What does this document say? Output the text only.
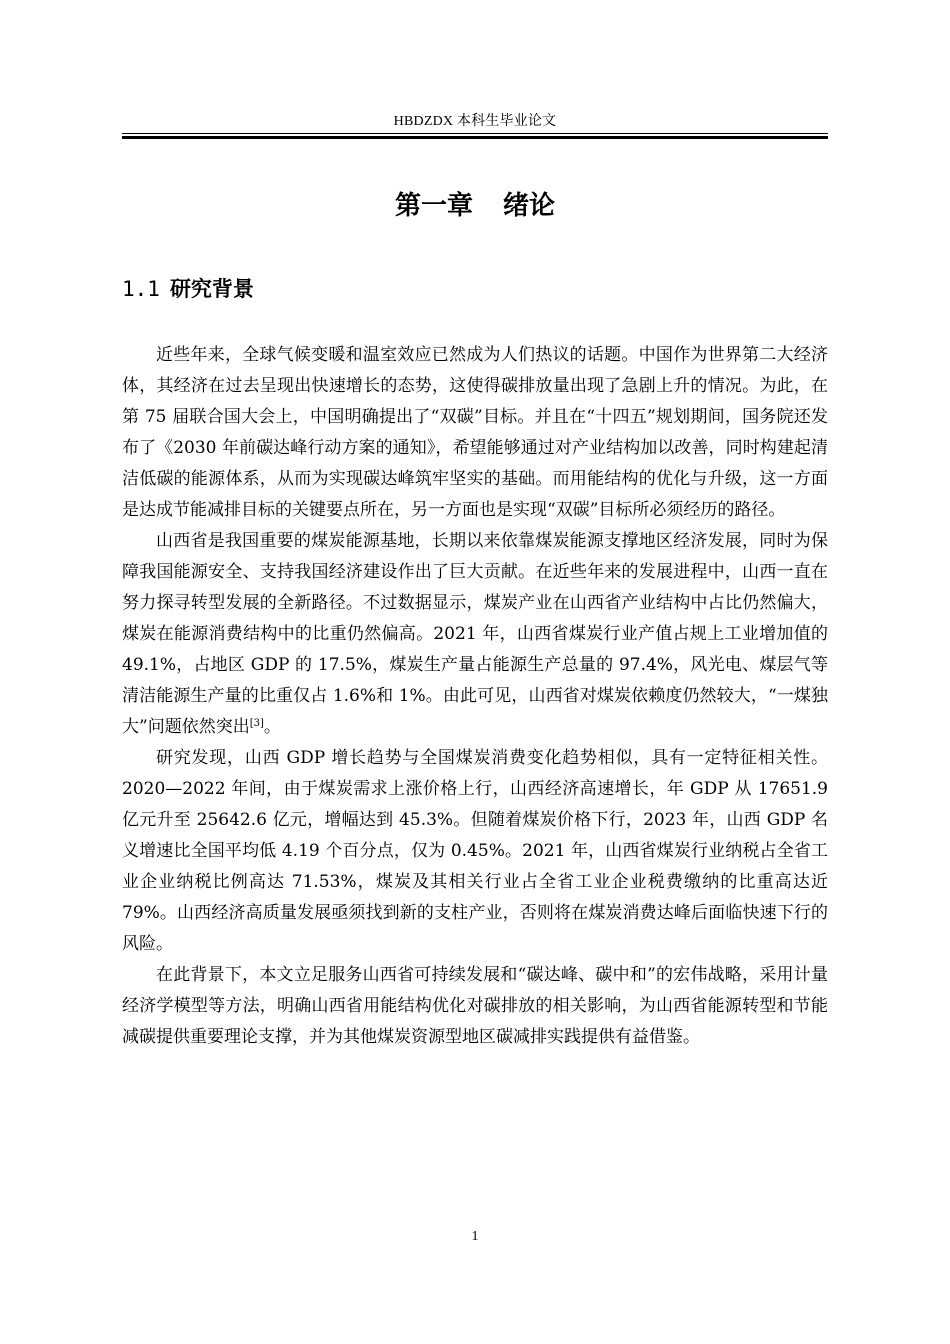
HBDZDX 本科生毕业论文
第一章 绪论
1.1 研究背景

近些年来，全球气候变暖和温室效应已然成为人们热议的话题。中国作为世界第二大经济体，其经济在过去呈现出快速增长的态势，这使得碳排放量出现了急剧上升的情况。为此，在第 75 届联合国大会上，中国明确提出了“双碳”目标。并且在“十四五”规划期间，国务院还发布了《2030 年前碳达峰行动方案的通知》，希望能够通过对产业结构加以改善，同时构建起清洁低碳的能源体系，从而为实现碳达峰筑牢坚实的基础。而用能结构的优化与升级，这一方面是达成节能减排目标的关键要点所在，另一方面也是实现“双碳”目标所必须经历的路径。

山西省是我国重要的煤炭能源基地，长期以来依靠煤炭能源支撑地区经济发展，同时为保障我国能源安全、支持我国经济建设作出了巨大贡献。在近些年来的发展进程中，山西一直在努力探寻转型发展的全新路径。不过数据显示，煤炭产业在山西省产业结构中占比仍然偏大，煤炭在能源消费结构中的比重仍然偏高。2021 年，山西省煤炭行业产值占规上工业增加值的 49.1%，占地区 GDP 的 17.5%，煤炭生产量占能源生产总量的 97.4%，风光电、煤层气等清洁能源生产量的比重仅占 1.6%和 1%。由此可见，山西省对煤炭依赖度仍然较大，“一煤独大”问题依然突出[3]。

研究发现，山西 GDP 增长趋势与全国煤炭消费变化趋势相似，具有一定特征相关性。2020—2022 年间，由于煤炭需求上涨价格上行，山西经济高速增长，年 GDP 从 17651.9 亿元升至 25642.6 亿元，增幅达到 45.3%。但随着煤炭价格下行，2023 年，山西 GDP 名义增速比全国平均低 4.19 个百分点，仅为 0.45%。2021 年，山西省煤炭行业纳税占全省工业企业纳税比例高达 71.53%，煤炭及其相关行业占全省工业企业税费缴纳的比重高达近 79%。山西经济高质量发展亟须找到新的支柱产业，否则将在煤炭消费达峰后面临快速下行的风险。

在此背景下，本文立足服务山西省可持续发展和“碳达峰、碳中和”的宏伟战略，采用计量经济学模型等方法，明确山西省用能结构优化对碳排放的相关影响，为山西省能源转型和节能减碳提供重要理论支撑，并为其他煤炭资源型地区碳减排实践提供有益借鉴。

1
